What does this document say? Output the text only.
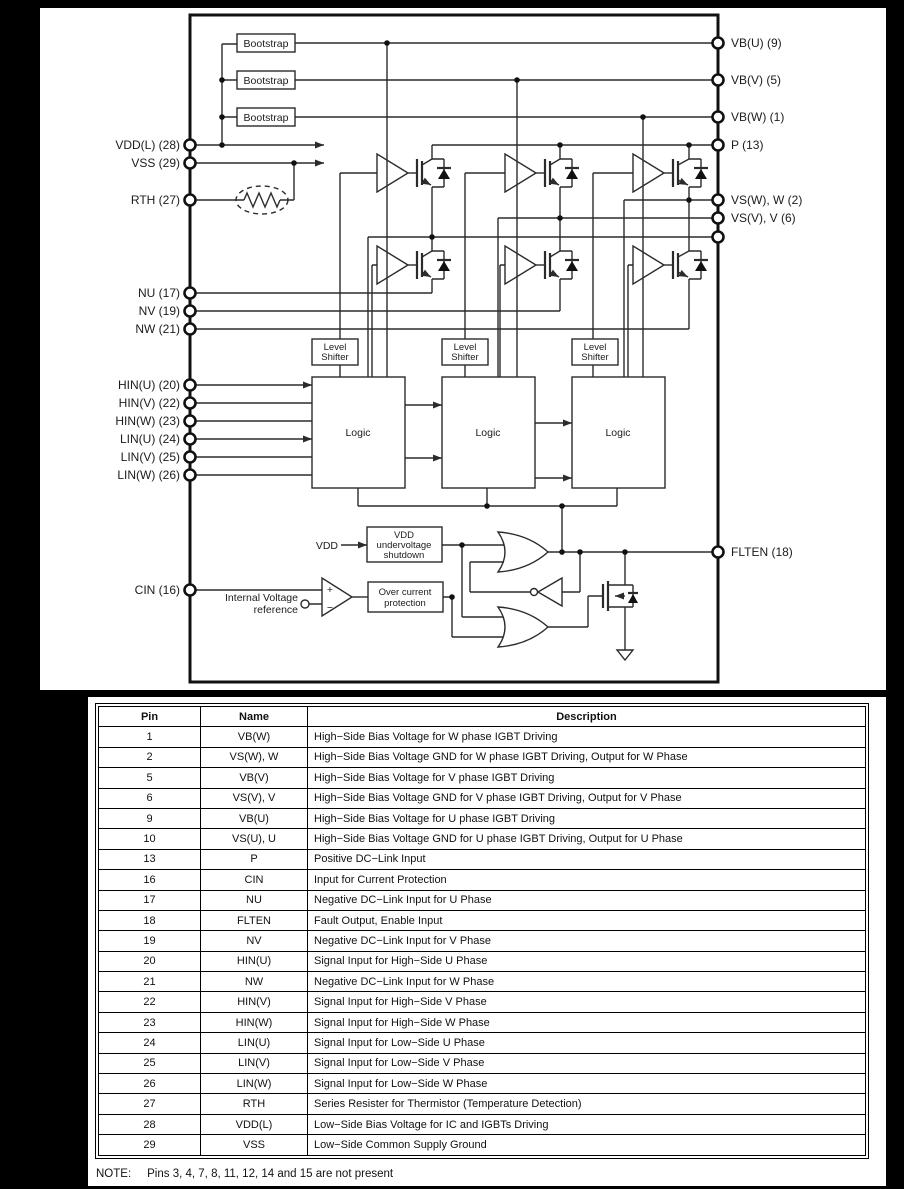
Bootstrap
Bootstrap
Bootstrap
Level
Shifter
Level
Shifter
Level
Shifter
Logic	Logic	Logic
VDD
undervoltage
shutdown
VDD
Over current
protection
+
−
Internal Voltage
reference
VDD(L) (28)
VSS (29)
RTH (27)
NU (17)
NV (19)
NW (21)
HIN(U) (20)
HIN(V) (22)
HIN(W) (23)
LIN(U) (24)
LIN(V) (25)
LIN(W) (26)
CIN (16)
VB(U) (9)
VB(V) (5)
VB(W) (1)
P (13)
VS(W), W (2)
VS(V), V (6)
FLTEN (18)
Pin	Name	Description
1	VB(W)	High−Side Bias Voltage for W phase IGBT Driving
2	VS(W), W	High−Side Bias Voltage GND for W phase IGBT Driving, Output for W Phase
5	VB(V)	High−Side Bias Voltage for V phase IGBT Driving
6	VS(V), V	High−Side Bias Voltage GND for V phase IGBT Driving, Output for V Phase
9	VB(U)	High−Side Bias Voltage for U phase IGBT Driving
10	VS(U), U	High−Side Bias Voltage GND for U phase IGBT Driving, Output for U Phase
13	P	Positive DC−Link Input
16	CIN	Input for Current Protection
17	NU	Negative DC−Link Input for U Phase
18	FLTEN	Fault Output, Enable Input
19	NV	Negative DC−Link Input for V Phase
20	HIN(U)	Signal Input for High−Side U Phase
21	NW	Negative DC−Link Input for W Phase
22	HIN(V)	Signal Input for High−Side V Phase
23	HIN(W)	Signal Input for High−Side W Phase
24	LIN(U)	Signal Input for Low−Side U Phase
25	LIN(V)	Signal Input for Low−Side V Phase
26	LIN(W)	Signal Input for Low−Side W Phase
27	RTH	Series Resister for Thermistor (Temperature Detection)
28	VDD(L)	Low−Side Bias Voltage for IC and IGBTs Driving
29	VSS	Low−Side Common Supply Ground
NOTE: Pins 3, 4, 7, 8, 11, 12, 14 and 15 are not present
